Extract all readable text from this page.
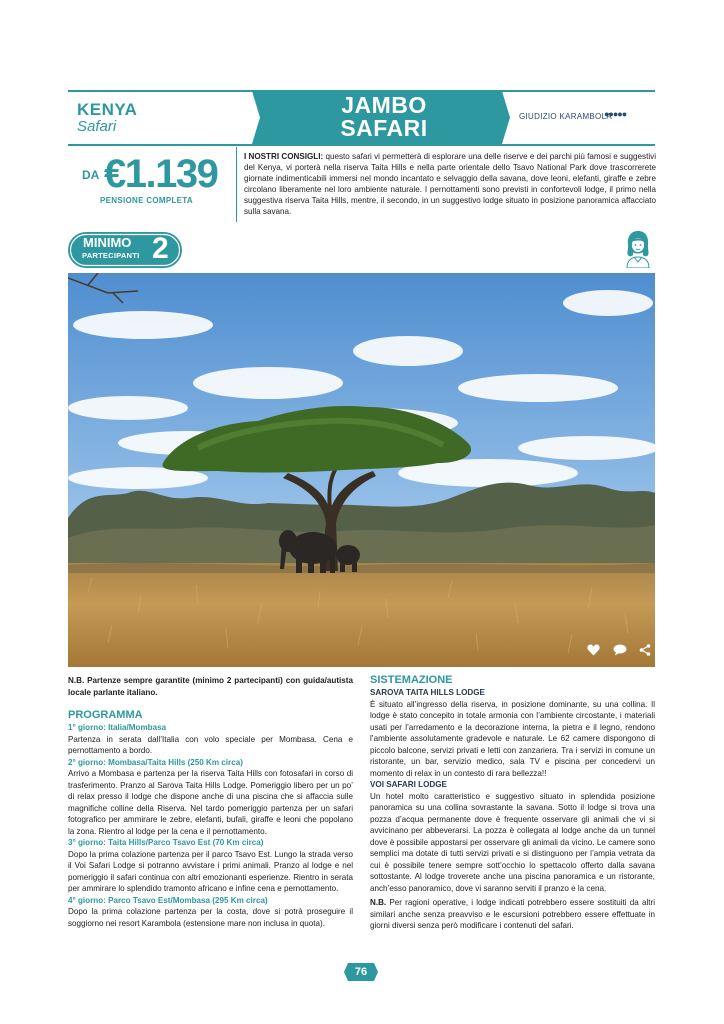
KENYA
Safari
JAMBO
SAFARI	GIUDIZIO KARAMBOLA
●●●●●
DA €1.139
PENSIONE COMPLETA
I NOSTRI CONSIGLI: questo safari vi permetterà di esplorare una delle riserve e dei parchi più famosi e suggestivi del Kenya, vi porterà nella riserva Taita Hills e nella parte orientale dello Tsavo National Park dove trascorrerete giornate indimenticabili immersi nel mondo incantato e selvaggio della savana, dove leoni, elefanti, giraffe e zebre circolano liberamente nel loro ambiente naturale. I pernottamenti sono previsti in confortevoli lodge, il primo nella suggestiva riserva Taita Hills, mentre, il secondo, in un suggestivo lodge situato in posizione panoramica affacciato sulla savana.
MINIMO
PARTECIPANTI 2

N.B. Partenze sempre garantite (minimo 2 partecipanti) con guida/autista locale parlante italiano.

PROGRAMMA

1° giorno: Italia/Mombasa

Partenza in serata dall’Italia con volo speciale per Mombasa. Cena e pernottamento a bordo.

2° giorno: Mombasa/Taita Hills (250 Km circa)

Arrivo a Mombasa e partenza per la riserva Taita Hills con fotosafari in corso di trasferimento. Pranzo al Sarova Taita Hills Lodge. Pomeriggio libero per un po’ di relax presso il lodge che dispone anche di una piscina che si affaccia sulle magnifiche colline della Riserva. Nel tardo pomeriggio partenza per un safari fotografico per ammirare le zebre, elefanti, bufali, giraffe e leoni che popolano la zona. Rientro al lodge per la cena e il pernottamento.

3° giorno: Taita Hills/Parco Tsavo Est (70 Km circa)

Dopo la prima colazione partenza per il parco Tsavo Est. Lungo la strada verso il Voi Safari Lodge si potranno avvistare i primi animali. Pranzo al lodge e nel pomeriggio il safari continua con altri emozionanti esperienze. Rientro in serata per ammirare lo splendido tramonto africano e infine cena e pernottamento.

4° giorno: Parco Tsavo Est/Mombasa (295 Km circa)

Dopo la prima colazione partenza per la costa, dove si potrà proseguire il soggiorno nei resort Karambola (estensione mare non inclusa in quota).

SISTEMAZIONE

SAROVA TAITA HILLS LODGE

È situato all’ingresso della riserva, in posizione dominante, su una collina. Il lodge è stato concepito in totale armonia con l’ambiente circostante, i materiali usati per l’arredamento e la decorazione interna, la pietra e il legno, rendono l’ambiente assolutamente gradevole e naturale. Le 62 camere dispongono di piccolo balcone, servizi privati e letti con zanzariera. Tra i servizi in comune un ristorante, un bar, servizio medico, sala TV e piscina per concedervi un momento di relax in un contesto di rara bellezza!!

VOI SAFARI LODGE

Un hotel molto caratteristico e suggestivo situato in splendida posizione panoramica su una collina sovrastante la savana. Sotto il lodge si trova una pozza d’acqua permanente dove è frequente osservare gli animali che vi si avvicinano per abbeverarsi. La pozza è collegata al lodge anche da un tunnel dove è possibile appostarsi per osservare gli animali da vicino. Le camere sono semplici ma dotate di tutti servizi privati e si distinguono per l’ampia vetrata da cui è possibile tenere sempre sott’occhio lo spettacolo offerto dalla savana sottostante. Al lodge troverete anche una piscina panoramica e un ristorante, anch’esso panoramico, dove vi saranno serviti il pranzo e la cena.

N.B. Per ragioni operative, i lodge indicati potrebbero essere sostituiti da altri similari anche senza preavviso e le escursioni potrebbero essere effettuate in giorni diversi senza però modificare i contenuti del safari.

76
